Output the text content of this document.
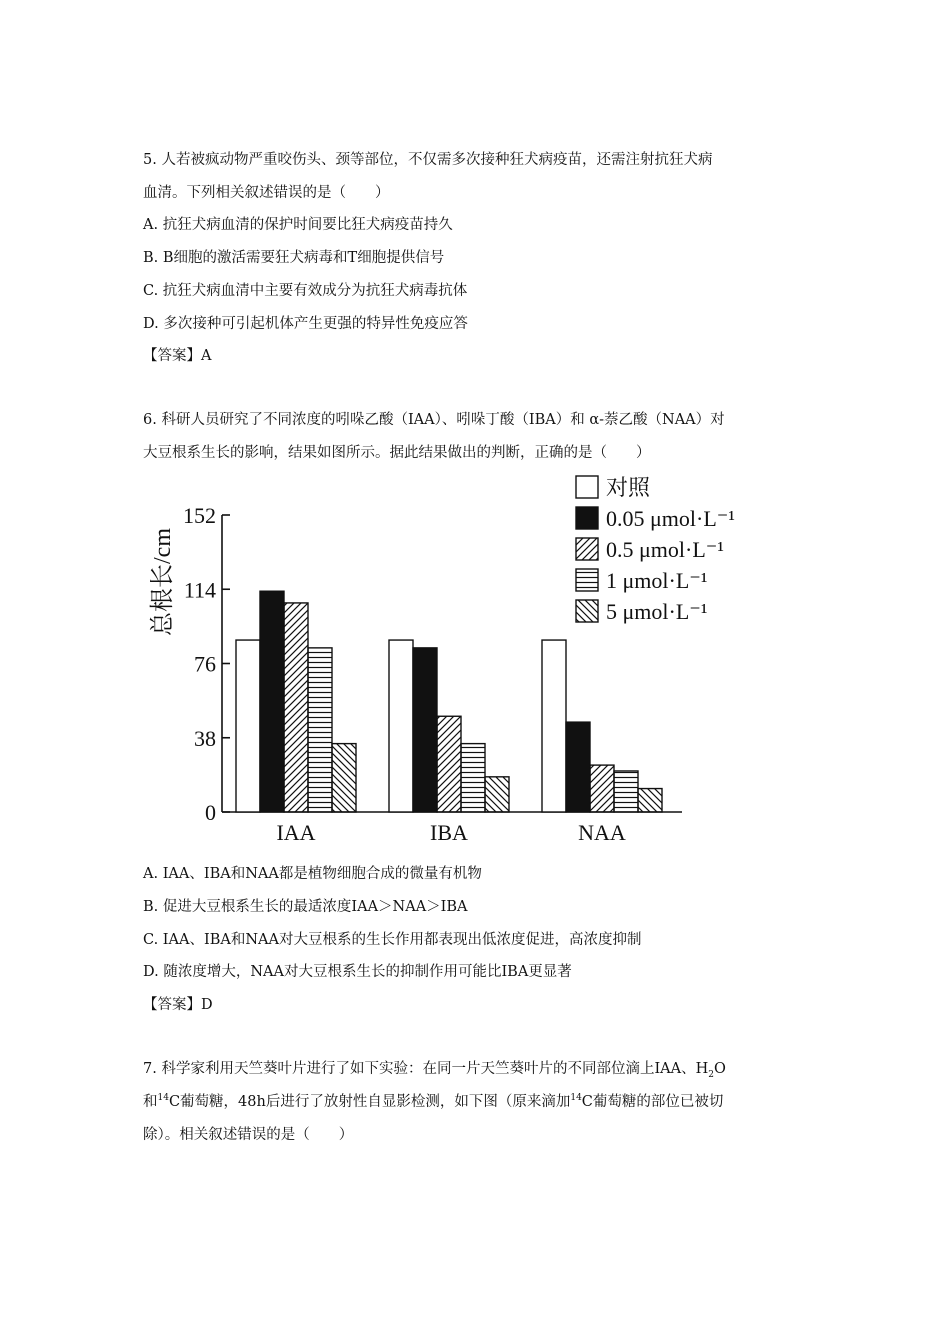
5. 人若被疯动物严重咬伤头、颈等部位，不仅需多次接种狂犬病疫苗，还需注射抗狂犬病
血清。下列相关叙述错误的是（　　）
A. 抗狂犬病血清的保护时间要比狂犬病疫苗持久
B. B细胞的激活需要狂犬病毒和T细胞提供信号
C. 抗狂犬病血清中主要有效成分为抗狂犬病毒抗体
D. 多次接种可引起机体产生更强的特异性免疫应答
【答案】A
6. 科研人员研究了不同浓度的吲哚乙酸（IAA）、吲哚丁酸（IBA）和 α-萘乙酸（NAA）对
大豆根系生长的影响，结果如图所示。据此结果做出的判断，正确的是（　　）
总根长/cm
0
38
76
114
152
IAA	IBA	NAA
对照
0.05 μmol·L⁻¹
0.5 μmol·L⁻¹
1 μmol·L⁻¹
5 μmol·L⁻¹
A. IAA、IBA和NAA都是植物细胞合成的微量有机物
B. 促进大豆根系生长的最适浓度IAA＞NAA＞IBA
C. IAA、IBA和NAA对大豆根系的生长作用都表现出低浓度促进，高浓度抑制
D. 随浓度增大，NAA对大豆根系生长的抑制作用可能比IBA更显著
【答案】D
7. 科学家利用天竺葵叶片进行了如下实验：在同一片天竺葵叶片的不同部位滴上IAA、$H_2O$
和$^{14}$C葡萄糖，48h后进行了放射性自显影检测，如下图（原来滴加$^{14}$C葡萄糖的部位已被切
除）。相关叙述错误的是（　　）
